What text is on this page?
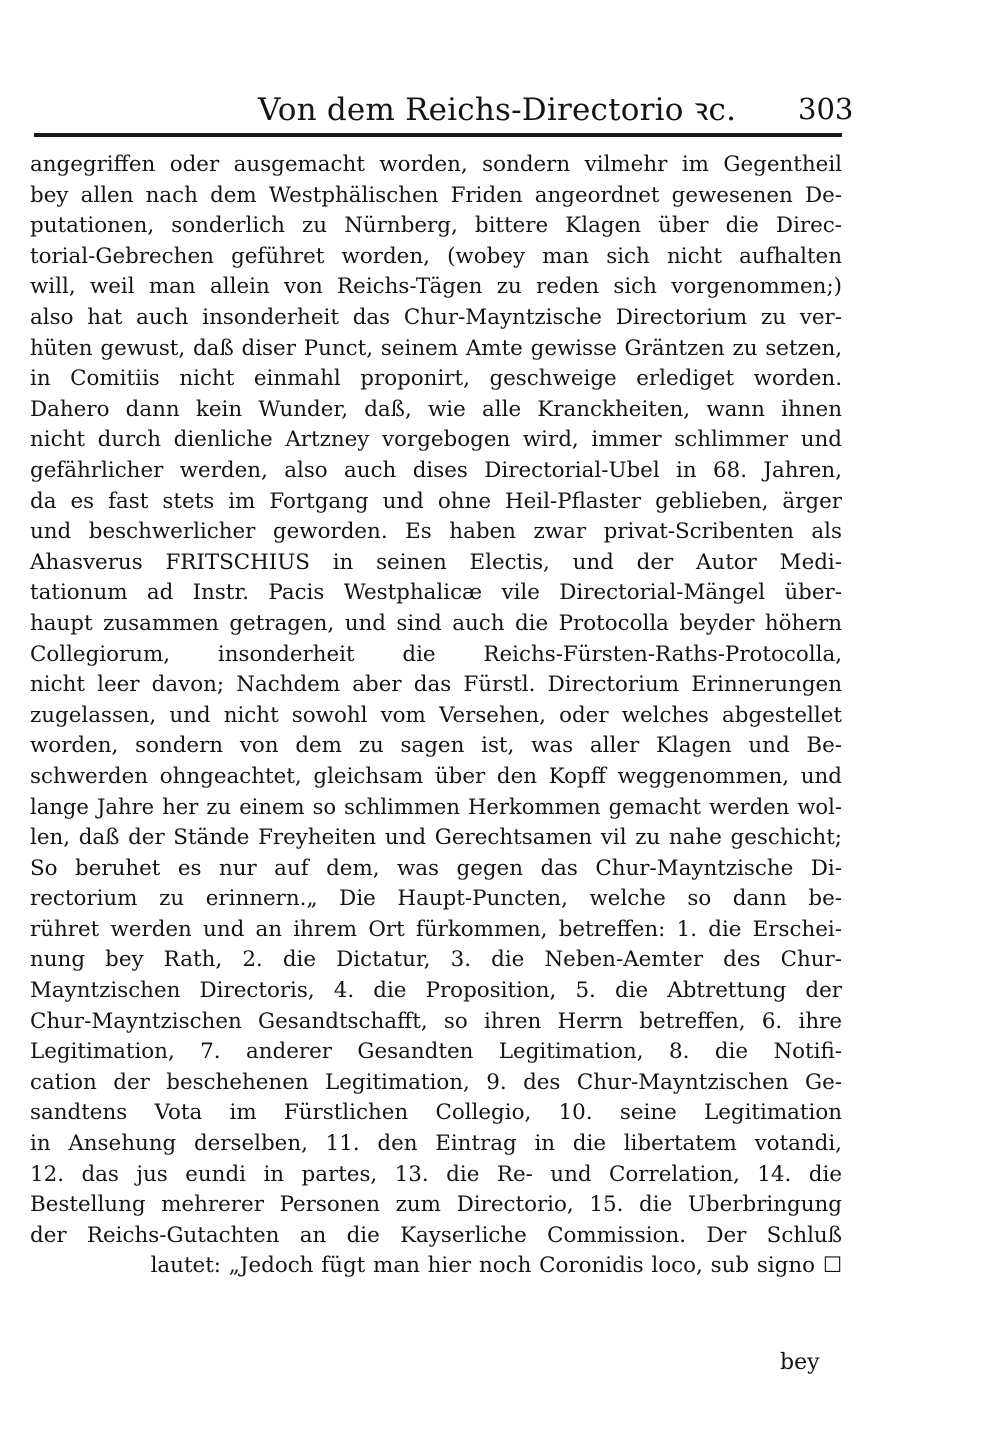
Von dem Reichs-Directorio ꝛc. 303
angegriffen oder ausgemacht worden, sondern vilmehr im Gegentheil
bey allen nach dem Westphälischen Friden angeordnet gewesenen De-
putationen, sonderlich zu Nürnberg, bittere Klagen über die Direc-
torial-Gebrechen geführet worden, (wobey man sich nicht aufhalten
will, weil man allein von Reichs-Tägen zu reden sich vorgenommen;)
also hat auch insonderheit das Chur-Mayntzische Directorium zu ver-
hüten gewust, daß diser Punct, seinem Amte gewisse Gräntzen zu setzen,
in Comitiis nicht einmahl proponirt, geschweige erlediget worden.
Dahero dann kein Wunder, daß, wie alle Kranckheiten, wann ihnen
nicht durch dienliche Artzney vorgebogen wird, immer schlimmer und
gefährlicher werden, also auch dises Directorial-Ubel in 68. Jahren,
da es fast stets im Fortgang und ohne Heil-Pflaster geblieben, ärger
und beschwerlicher geworden. Es haben zwar privat-Scribenten als
Ahasverus FRITSCHIUS in seinen Electis, und der Autor Medi-
tationum ad Instr. Pacis Westphalicæ vile Directorial-Mängel über-
haupt zusammen getragen, und sind auch die Protocolla beyder höhern
Collegiorum, insonderheit die Reichs-Fürsten-Raths-Protocolla,
nicht leer davon; Nachdem aber das Fürstl. Directorium Erinnerungen
zugelassen, und nicht sowohl vom Versehen, oder welches abgestellet
worden, sondern von dem zu sagen ist, was aller Klagen und Be-
schwerden ohngeachtet, gleichsam über den Kopff weggenommen, und
lange Jahre her zu einem so schlimmen Herkommen gemacht werden wol-
len, daß der Stände Freyheiten und Gerechtsamen vil zu nahe geschicht;
So beruhet es nur auf dem, was gegen das Chur-Mayntzische Di-
rectorium zu erinnern.„ Die Haupt-Puncten, welche so dann be-
rühret werden und an ihrem Ort fürkommen, betreffen: 1. die Erschei-
nung bey Rath, 2. die Dictatur, 3. die Neben-Aemter des Chur-
Mayntzischen Directoris, 4. die Proposition, 5. die Abtrettung der
Chur-Mayntzischen Gesandtschafft, so ihren Herrn betreffen, 6. ihre
Legitimation, 7. anderer Gesandten Legitimation, 8. die Notifi-
cation der beschehenen Legitimation, 9. des Chur-Mayntzischen Ge-
sandtens Vota im Fürstlichen Collegio, 10. seine Legitimation
in Ansehung derselben, 11. den Eintrag in die libertatem votandi,
12. das jus eundi in partes, 13. die Re- und Correlation, 14. die
Bestellung mehrerer Personen zum Directorio, 15. die Uberbringung
der Reichs-Gutachten an die Kayserliche Commission. Der Schluß
lautet: „Jedoch fügt man hier noch Coronidis loco, sub signo ☐
bey
